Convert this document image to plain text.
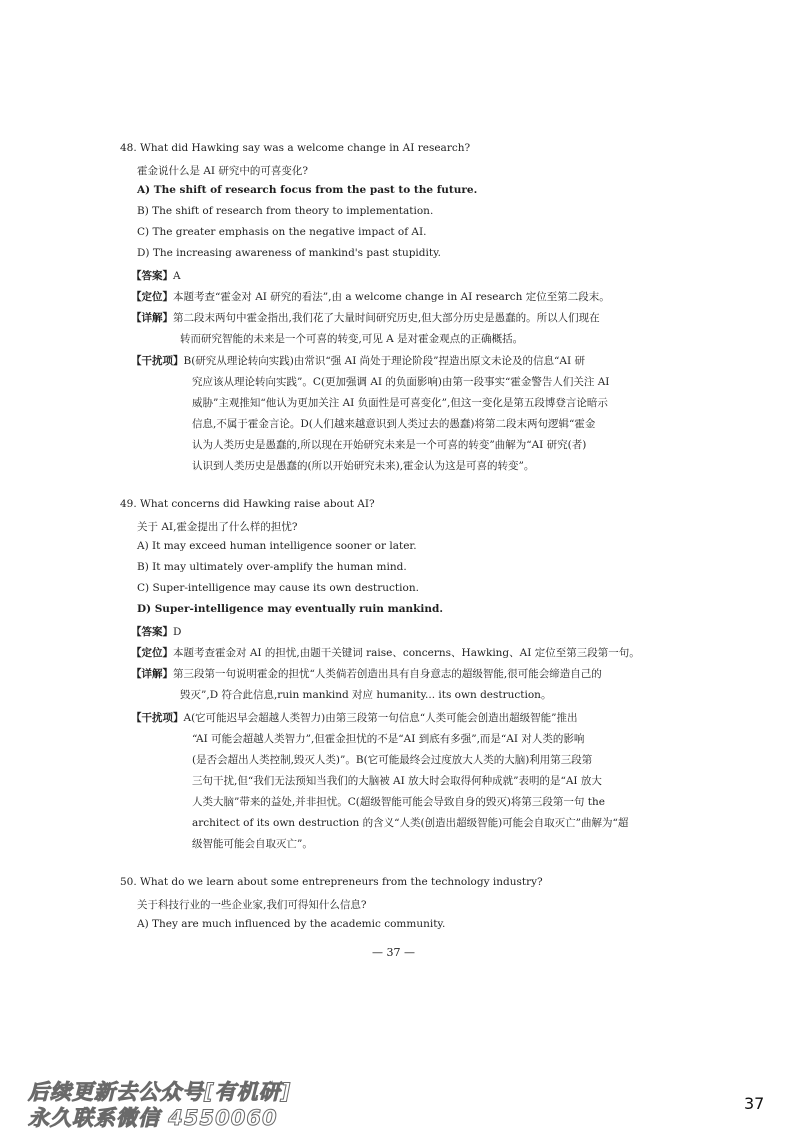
48. What did Hawking say was a welcome change in AI research?
霍金说什么是 AI 研究中的可喜变化?
A) The shift of research focus from the past to the future.
B) The shift of research from theory to implementation.
C) The greater emphasis on the negative impact of AI.
D) The increasing awareness of mankind's past stupidity.
【答案】A
【定位】本题考查“霍金对 AI 研究的看法”,由 a welcome change in AI research 定位至第二段末。
【详解】第二段末两句中霍金指出,我们花了大量时间研究历史,但大部分历史是愚蠢的。所以人们现在
转而研究智能的未来是一个可喜的转变,可见 A 是对霍金观点的正确概括。
【干扰项】B(研究从理论转向实践)由常识“强 AI 尚处于理论阶段”捏造出原文未论及的信息“AI 研
究应该从理论转向实践”。C(更加强调 AI 的负面影响)由第一段事实“霍金警告人们关注 AI
威胁”主观推知“他认为更加关注 AI 负面性是可喜变化”,但这一变化是第五段博登言论暗示
信息,不属于霍金言论。D(人们越来越意识到人类过去的愚蠢)将第二段末两句逻辑“霍金
认为人类历史是愚蠢的,所以现在开始研究未来是一个可喜的转变”曲解为“AI 研究(者)
认识到人类历史是愚蠢的(所以开始研究未来),霍金认为这是可喜的转变”。
49. What concerns did Hawking raise about AI?
关于 AI,霍金提出了什么样的担忧?
A) It may exceed human intelligence sooner or later.
B) It may ultimately over-amplify the human mind.
C) Super-intelligence may cause its own destruction.
D) Super-intelligence may eventually ruin mankind.
【答案】D
【定位】本题考查霍金对 AI 的担忧,由题干关键词 raise、concerns、Hawking、AI 定位至第三段第一句。
【详解】第三段第一句说明霍金的担忧“人类倘若创造出具有自身意志的超级智能,很可能会缔造自己的
毁灭”,D 符合此信息,ruin mankind 对应 humanity... its own destruction。
【干扰项】A(它可能迟早会超越人类智力)由第三段第一句信息“人类可能会创造出超级智能”推出
“AI 可能会超越人类智力”,但霍金担忧的不是“AI 到底有多强”,而是“AI 对人类的影响
(是否会超出人类控制,毁灭人类)”。B(它可能最终会过度放大人类的大脑)利用第三段第
三句干扰,但“我们无法预知当我们的大脑被 AI 放大时会取得何种成就”表明的是“AI 放大
人类大脑”带来的益处,并非担忧。C(超级智能可能会导致自身的毁灭)将第三段第一句 the
architect of its own destruction 的含义“人类(创造出超级智能)可能会自取灭亡”曲解为“超
级智能可能会自取灭亡”。
50. What do we learn about some entrepreneurs from the technology industry?
关于科技行业的一些企业家,我们可得知什么信息?
A) They are much influenced by the academic community.
— 37 —
后续更新去公众号[有机研]
永久联系微信 4550060
37
